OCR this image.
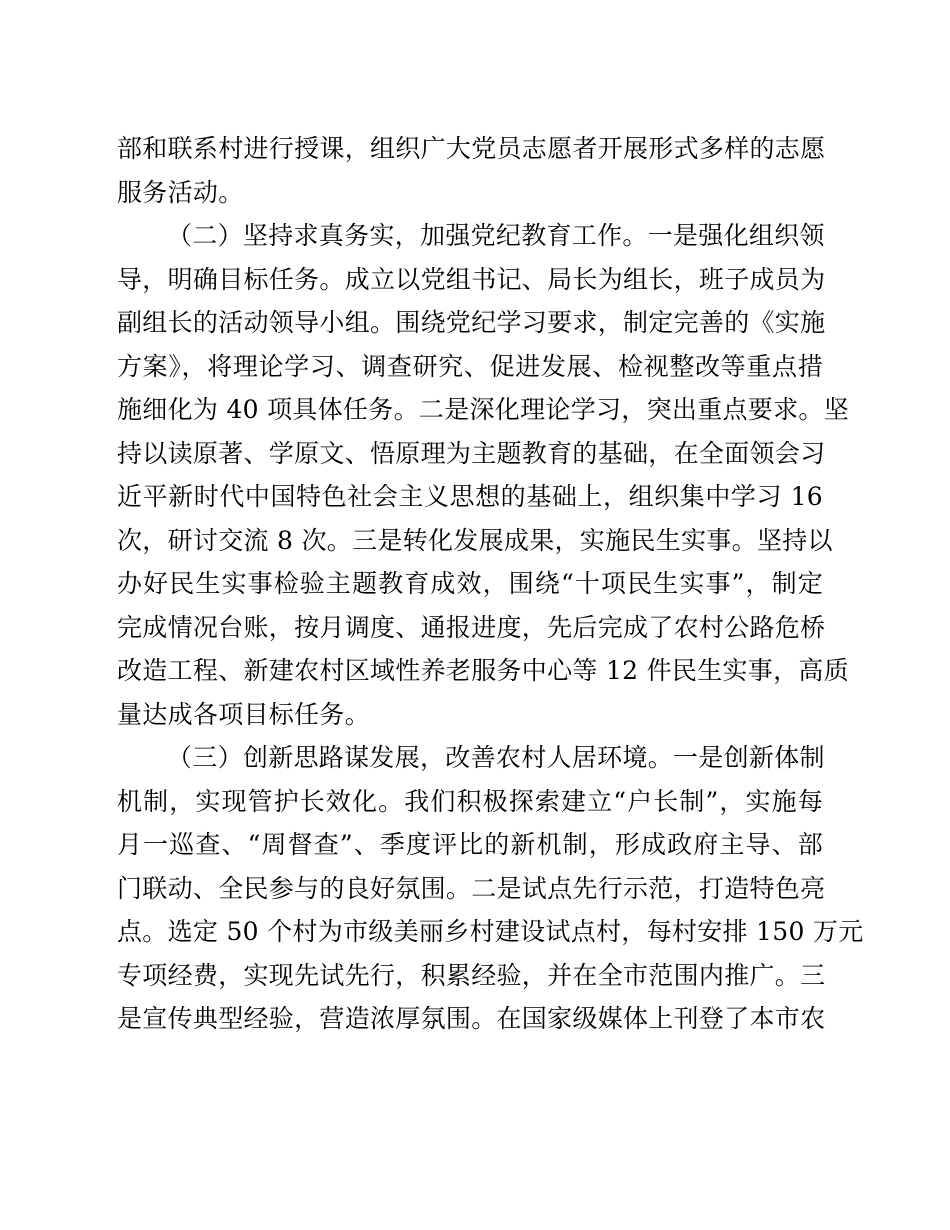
部和联系村进行授课，组织广大党员志愿者开展形式多样的志愿
服务活动。
（二）坚持求真务实，加强党纪教育工作。一是强化组织领
导，明确目标任务。成立以党组书记、局长为组长，班子成员为
副组长的活动领导小组。围绕党纪学习要求，制定完善的《实施
方案》，将理论学习、调查研究、促进发展、检视整改等重点措
施细化为 40 项具体任务。二是深化理论学习，突出重点要求。坚
持以读原著、学原文、悟原理为主题教育的基础，在全面领会习
近平新时代中国特色社会主义思想的基础上，组织集中学习 16
次，研讨交流 8 次。三是转化发展成果，实施民生实事。坚持以
办好民生实事检验主题教育成效，围绕“十项民生实事”，制定
完成情况台账，按月调度、通报进度，先后完成了农村公路危桥
改造工程、新建农村区域性养老服务中心等 12 件民生实事，高质
量达成各项目标任务。
（三）创新思路谋发展，改善农村人居环境。一是创新体制
机制，实现管护长效化。我们积极探索建立“户长制”，实施每
月一巡查、“周督查”、季度评比的新机制，形成政府主导、部
门联动、全民参与的良好氛围。二是试点先行示范，打造特色亮
点。选定 50 个村为市级美丽乡村建设试点村，每村安排 150 万元
专项经费，实现先试先行，积累经验，并在全市范围内推广。三
是宣传典型经验，营造浓厚氛围。在国家级媒体上刊登了本市农
